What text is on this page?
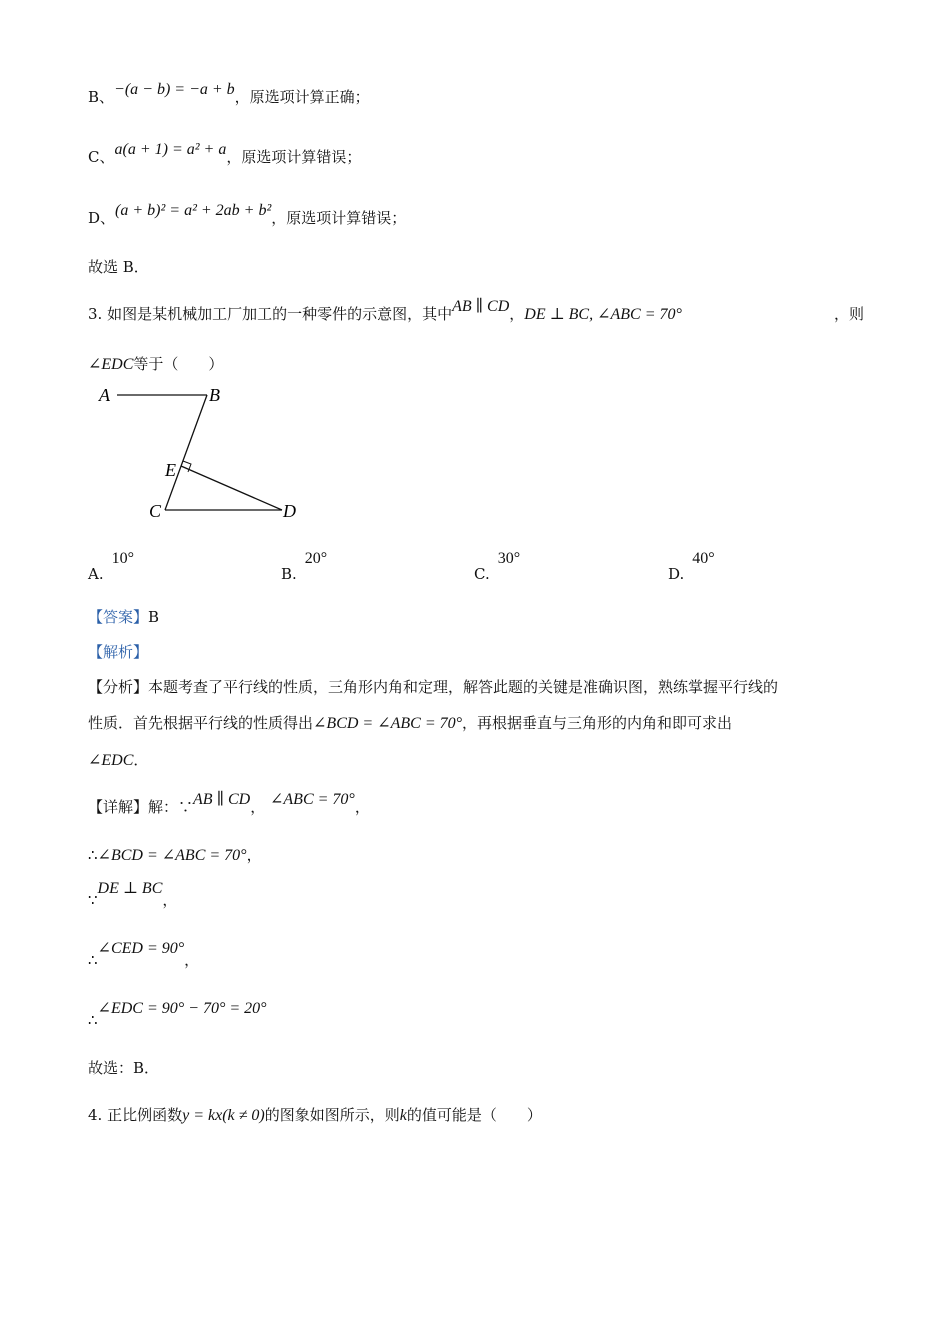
B、−(a − b) = −a + b，原选项计算正确；
C、a(a + 1) = a² + a，原选项计算错误；
D、(a + b)² = a² + 2ab + b²，原选项计算错误；
故选 B．
3. 如图是某机械加工厂加工的一种零件的示意图，其中AB ∥ CD，DE ⊥ BC, ∠ABC = 70°	，则
∠EDC等于（　　）
A	B
E
C	D
A.10°
B.20°
C.30°
D.40°
【答案】B
【解析】
【分析】本题考查了平行线的性质，三角形内角和定理，解答此题的关键是准确识图，熟练掌握平行线的
性质．首先根据平行线的性质得出∠BCD = ∠ABC = 70°，再根据垂直与三角形的内角和即可求出
∠EDC．
【详解】解：∵AB ∥ CD， ∠ABC = 70°，
∴∠BCD = ∠ABC = 70°，
∵DE ⊥ BC，
∴∠CED = 90°，
∴∠EDC = 90° − 70° = 20°
故选：B．
4. 正比例函数y = kx(k ≠ 0)的图象如图所示，则k的值可能是（　　）
